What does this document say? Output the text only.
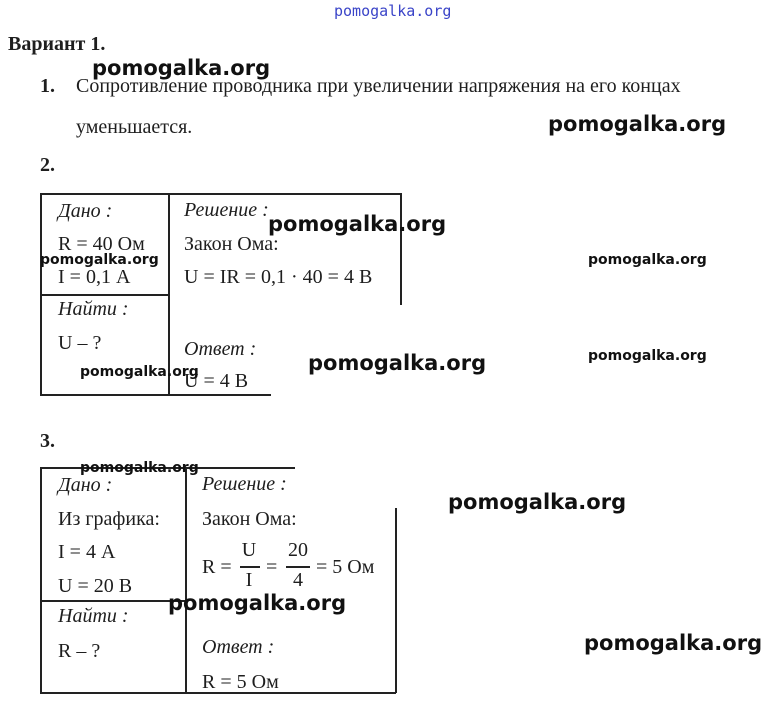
pomogalka.org
Вариант 1.
1. Сопротивление проводника при увеличении напряжения на его концах
уменьшается.
2.
Дано :
R = 40 Ом
I = 0,1 А
Найти :
U – ?
Решение :
Закон Ома:
U = IR = 0,1 · 40 = 4 В
Ответ :
U = 4 В
3.
Дано :
Из графика:
I = 4 А
U = 20 В
Найти :
R – ?
Решение :
Закон Ома:
R =
U
I
=
20
4
= 5 Ом
Ответ :
R = 5 Ом
pomogalka.org
pomogalka.org
pomogalka.org
pomogalka.org	pomogalka.org
pomogalka.org
pomogalka.org
pomogalka.org
pomogalka.org
pomogalka.org
pomogalka.org
pomogalka.org
